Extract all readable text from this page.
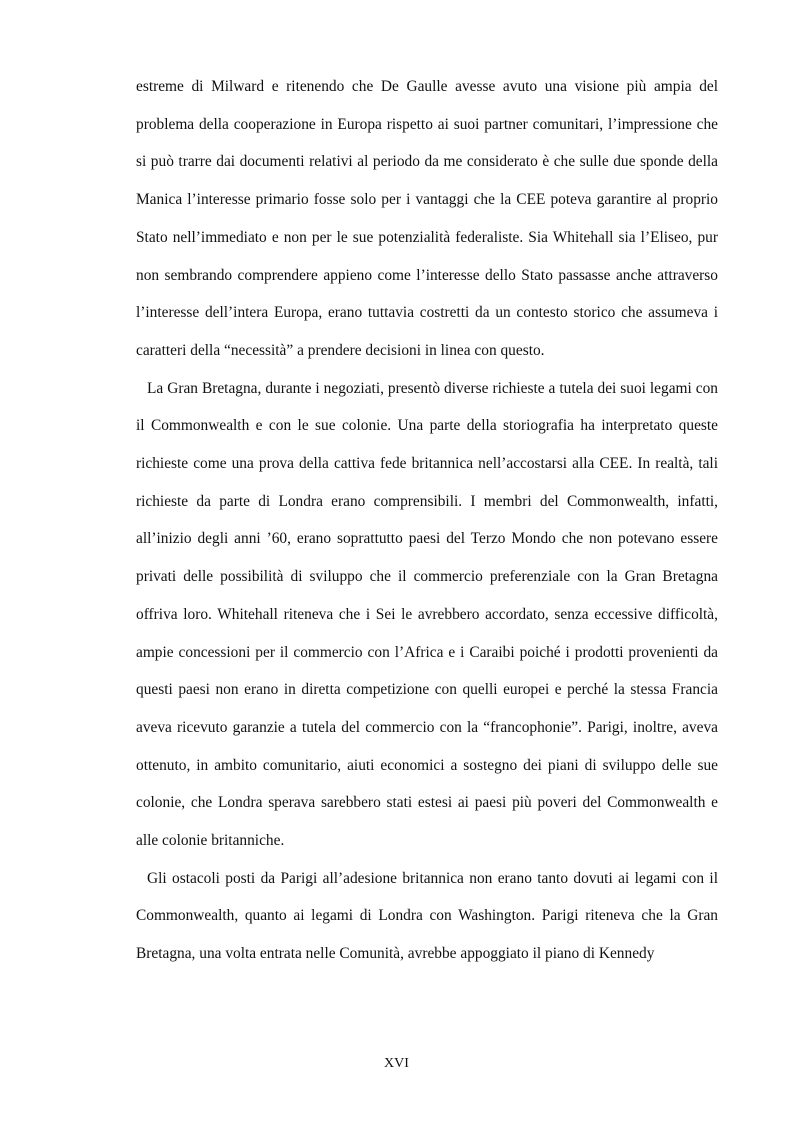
estreme di Milward e ritenendo che De Gaulle avesse avuto una visione più ampia del problema della cooperazione in Europa rispetto ai suoi partner comunitari, l’impressione che si può trarre dai documenti relativi al periodo da me considerato è che sulle due sponde della Manica l’interesse primario fosse solo per i vantaggi che la CEE poteva garantire al proprio Stato nell’immediato e non per le sue potenzialità federaliste. Sia Whitehall sia l’Eliseo, pur non sembrando comprendere appieno come l’interesse dello Stato passasse anche attraverso l’interesse dell’intera Europa, erano tuttavia costretti da un contesto storico che assumeva i caratteri della “necessità” a prendere decisioni in linea con questo.

La Gran Bretagna, durante i negoziati, presentò diverse richieste a tutela dei suoi legami con il Commonwealth e con le sue colonie. Una parte della storiografia ha interpretato queste richieste come una prova della cattiva fede britannica nell’accostarsi alla CEE. In realtà, tali richieste da parte di Londra erano comprensibili. I membri del Commonwealth, infatti, all’inizio degli anni ’60, erano soprattutto paesi del Terzo Mondo che non potevano essere privati delle possibilità di sviluppo che il commercio preferenziale con la Gran Bretagna offriva loro. Whitehall riteneva che i Sei le avrebbero accordato, senza eccessive difficoltà, ampie concessioni per il commercio con l’Africa e i Caraibi poiché i prodotti provenienti da questi paesi non erano in diretta competizione con quelli europei e perché la stessa Francia aveva ricevuto garanzie a tutela del commercio con la “francophonie”. Parigi, inoltre, aveva ottenuto, in ambito comunitario, aiuti economici a sostegno dei piani di sviluppo delle sue colonie, che Londra sperava sarebbero stati estesi ai paesi più poveri del Commonwealth e alle colonie britanniche.

Gli ostacoli posti da Parigi all’adesione britannica non erano tanto dovuti ai legami con il Commonwealth, quanto ai legami di Londra con Washington. Parigi riteneva che la Gran Bretagna, una volta entrata nelle Comunità, avrebbe appoggiato il piano di Kennedy

XVI
